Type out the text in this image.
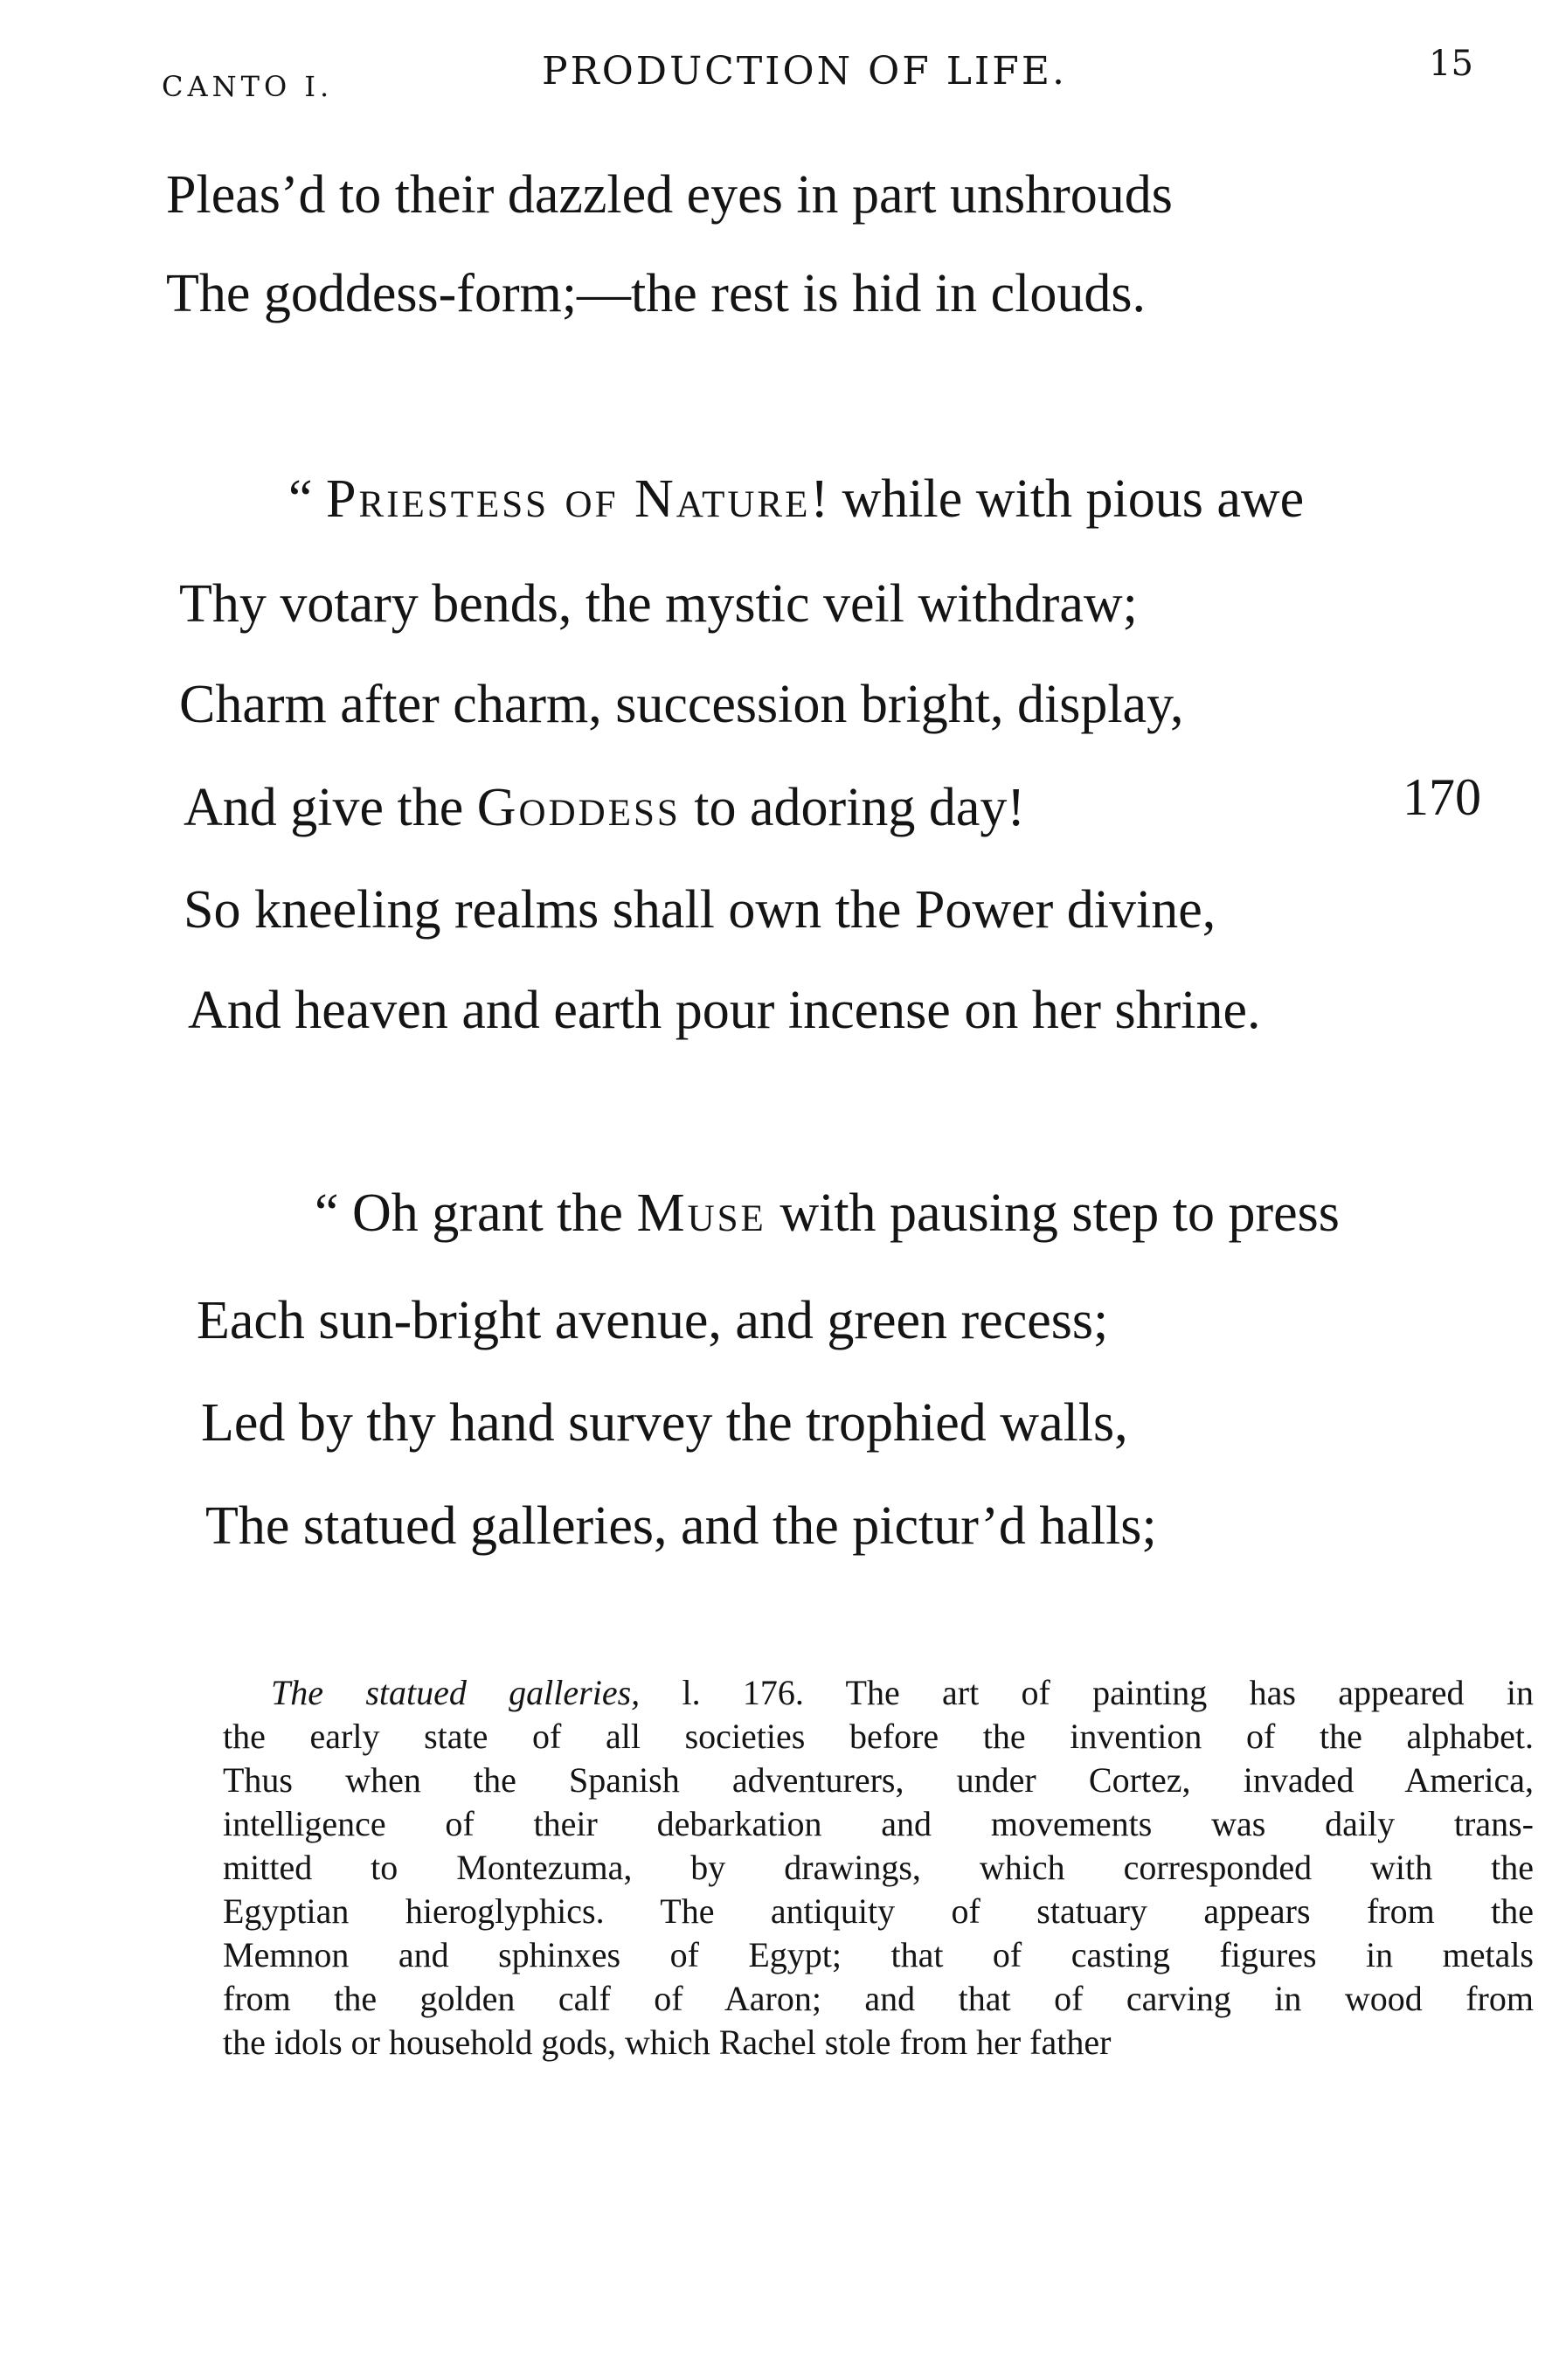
CANTO I.	PRODUCTION OF LIFE.	15
Pleas’d to their dazzled eyes in part unshrouds
The goddess-form;—the rest is hid in clouds.
“ Priestess of Nature! while with pious awe
Thy votary bends, the mystic veil withdraw;
Charm after charm, succession bright, display,
And give the Goddess to adoring day!	170
So kneeling realms shall own the Power divine,
And heaven and earth pour incense on her shrine.
“ Oh grant the Muse with pausing step to press
Each sun-bright avenue, and green recess;
Led by thy hand survey the trophied walls,
The statued galleries, and the pictur’d halls;
The statued galleries, l. 176. The art of painting has appeared in
the early state of all societies before the invention of the alphabet.
Thus when the Spanish adventurers, under Cortez, invaded America,
intelligence of their debarkation and movements was daily trans-
mitted to Montezuma, by drawings, which corresponded with the
Egyptian hieroglyphics. The antiquity of statuary appears from the
Memnon and sphinxes of Egypt; that of casting figures in metals
from the golden calf of Aaron; and that of carving in wood from
the idols or household gods, which Rachel stole from her father
